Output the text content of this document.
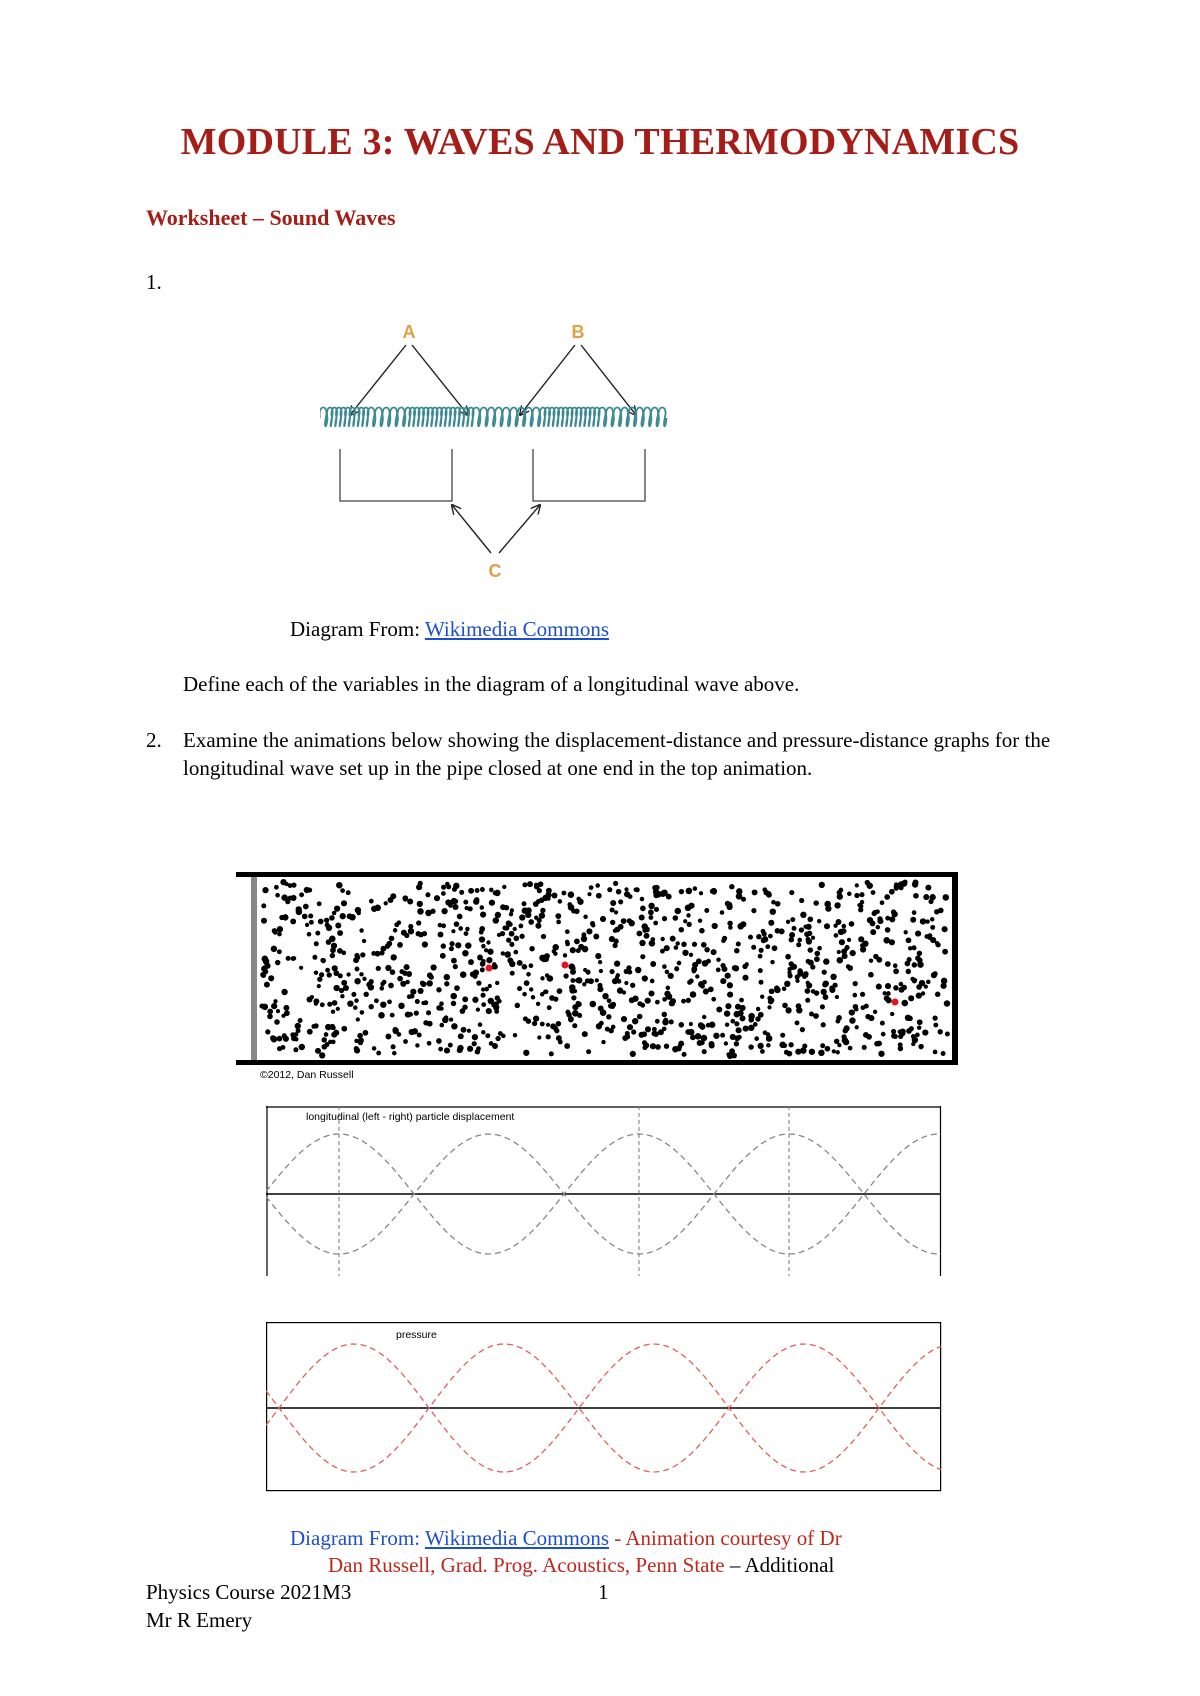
MODULE 3: WAVES AND THERMODYNAMICS
Worksheet – Sound Waves
1.
A	B
C
Diagram From: Wikimedia Commons
Define each of the variables in the diagram of a longitudinal wave above.
2. Examine the animations below showing the displacement-distance and pressure-distance graphs for the longitudinal wave set up in the pipe closed at one end in the top animation.
©2012, Dan Russell
longitudinal (left - right) particle displacement
pressure
Diagram From: Wikimedia Commons - Animation courtesy of Dr
Dan Russell, Grad. Prog. Acoustics, Penn State – Additional
Physics Course 2021M3	1
Mr R Emery
